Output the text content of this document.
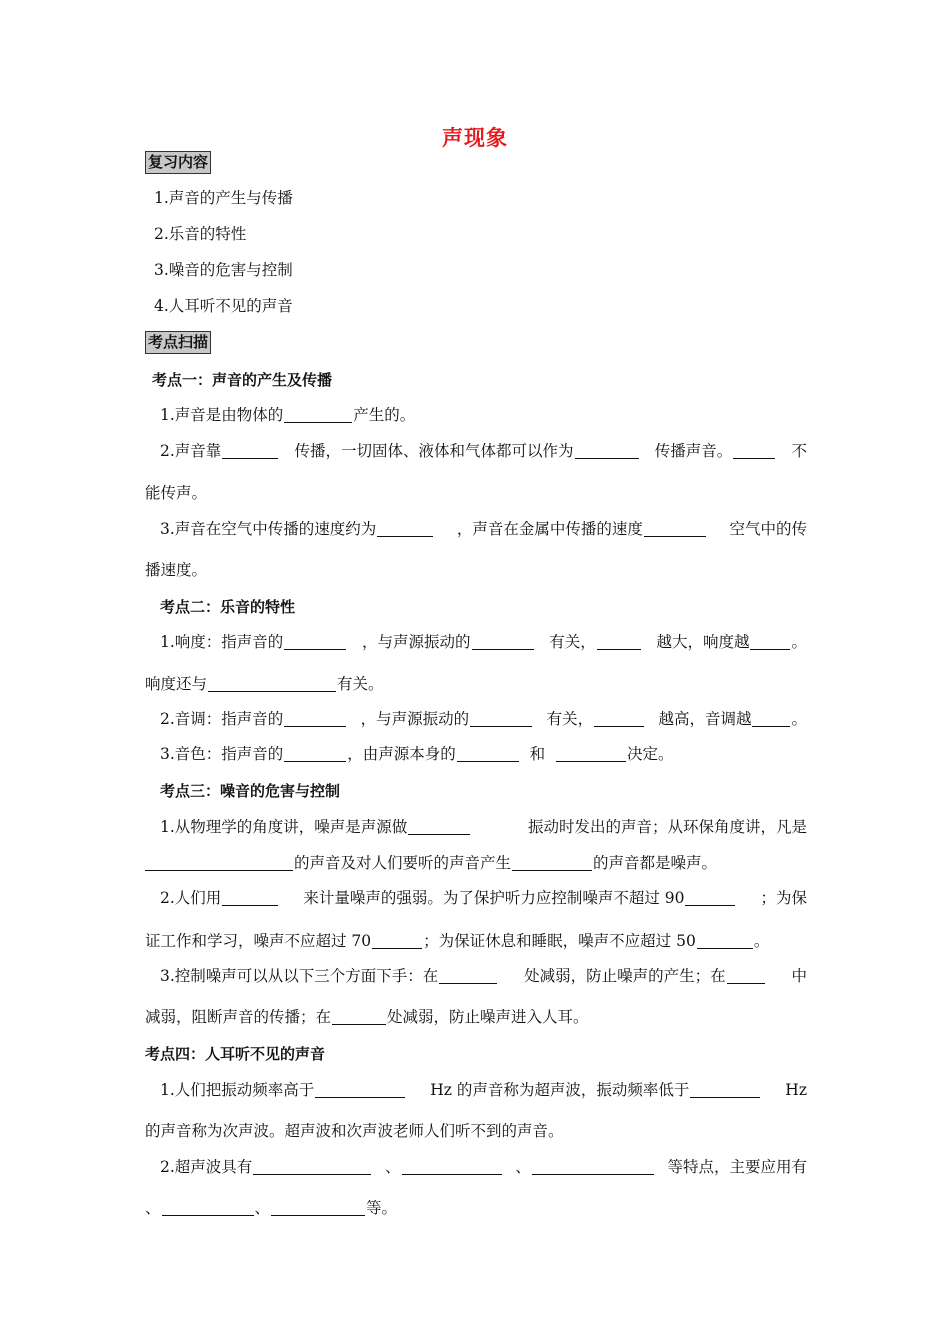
声现象
复习内容
1.声音的产生与传播
2.乐音的特性
3.噪音的危害与控制
4.人耳听不见的声音
考点扫描
考点一：声音的产生及传播
1.声音是由物体的	产生的。
2.声音靠	传播，一切固体、液体和气体都可以作为	传播声音。	不
能传声。
3.声音在空气中传播的速度约为	，声音在金属中传播的速度	空气中的传
播速度。
考点二：乐音的特性
1.响度：指声音的	，与声源振动的	有关，	越大，响度越	。
响度还与	有关。
2.音调：指声音的	，与声源振动的	有关，	越高，音调越	。
3.音色：指声音的	，由声源本身的	和	决定。
考点三：噪音的危害与控制
1.从物理学的角度讲，噪声是声源做	振动时发出的声音；从环保角度讲，凡是
的声音及对人们要听的声音产生	的声音都是噪声。
2.人们用	来计量噪声的强弱。为了保护听力应控制噪声不超过 90	；为保
证工作和学习，噪声不应超过 70	；为保证休息和睡眠，噪声不应超过 50	。
3.控制噪声可以从以下三个方面下手：在	处减弱，防止噪声的产生；在	中
减弱，阻断声音的传播；在	处减弱，防止噪声进入人耳。
考点四：人耳听不见的声音
1.人们把振动频率高于	Hz 的声音称为超声波，振动频率低于	Hz
的声音称为次声波。超声波和次声波老师人们听不到的声音。
2.超声波具有	、	、	等特点，主要应用有
、	、	等。
